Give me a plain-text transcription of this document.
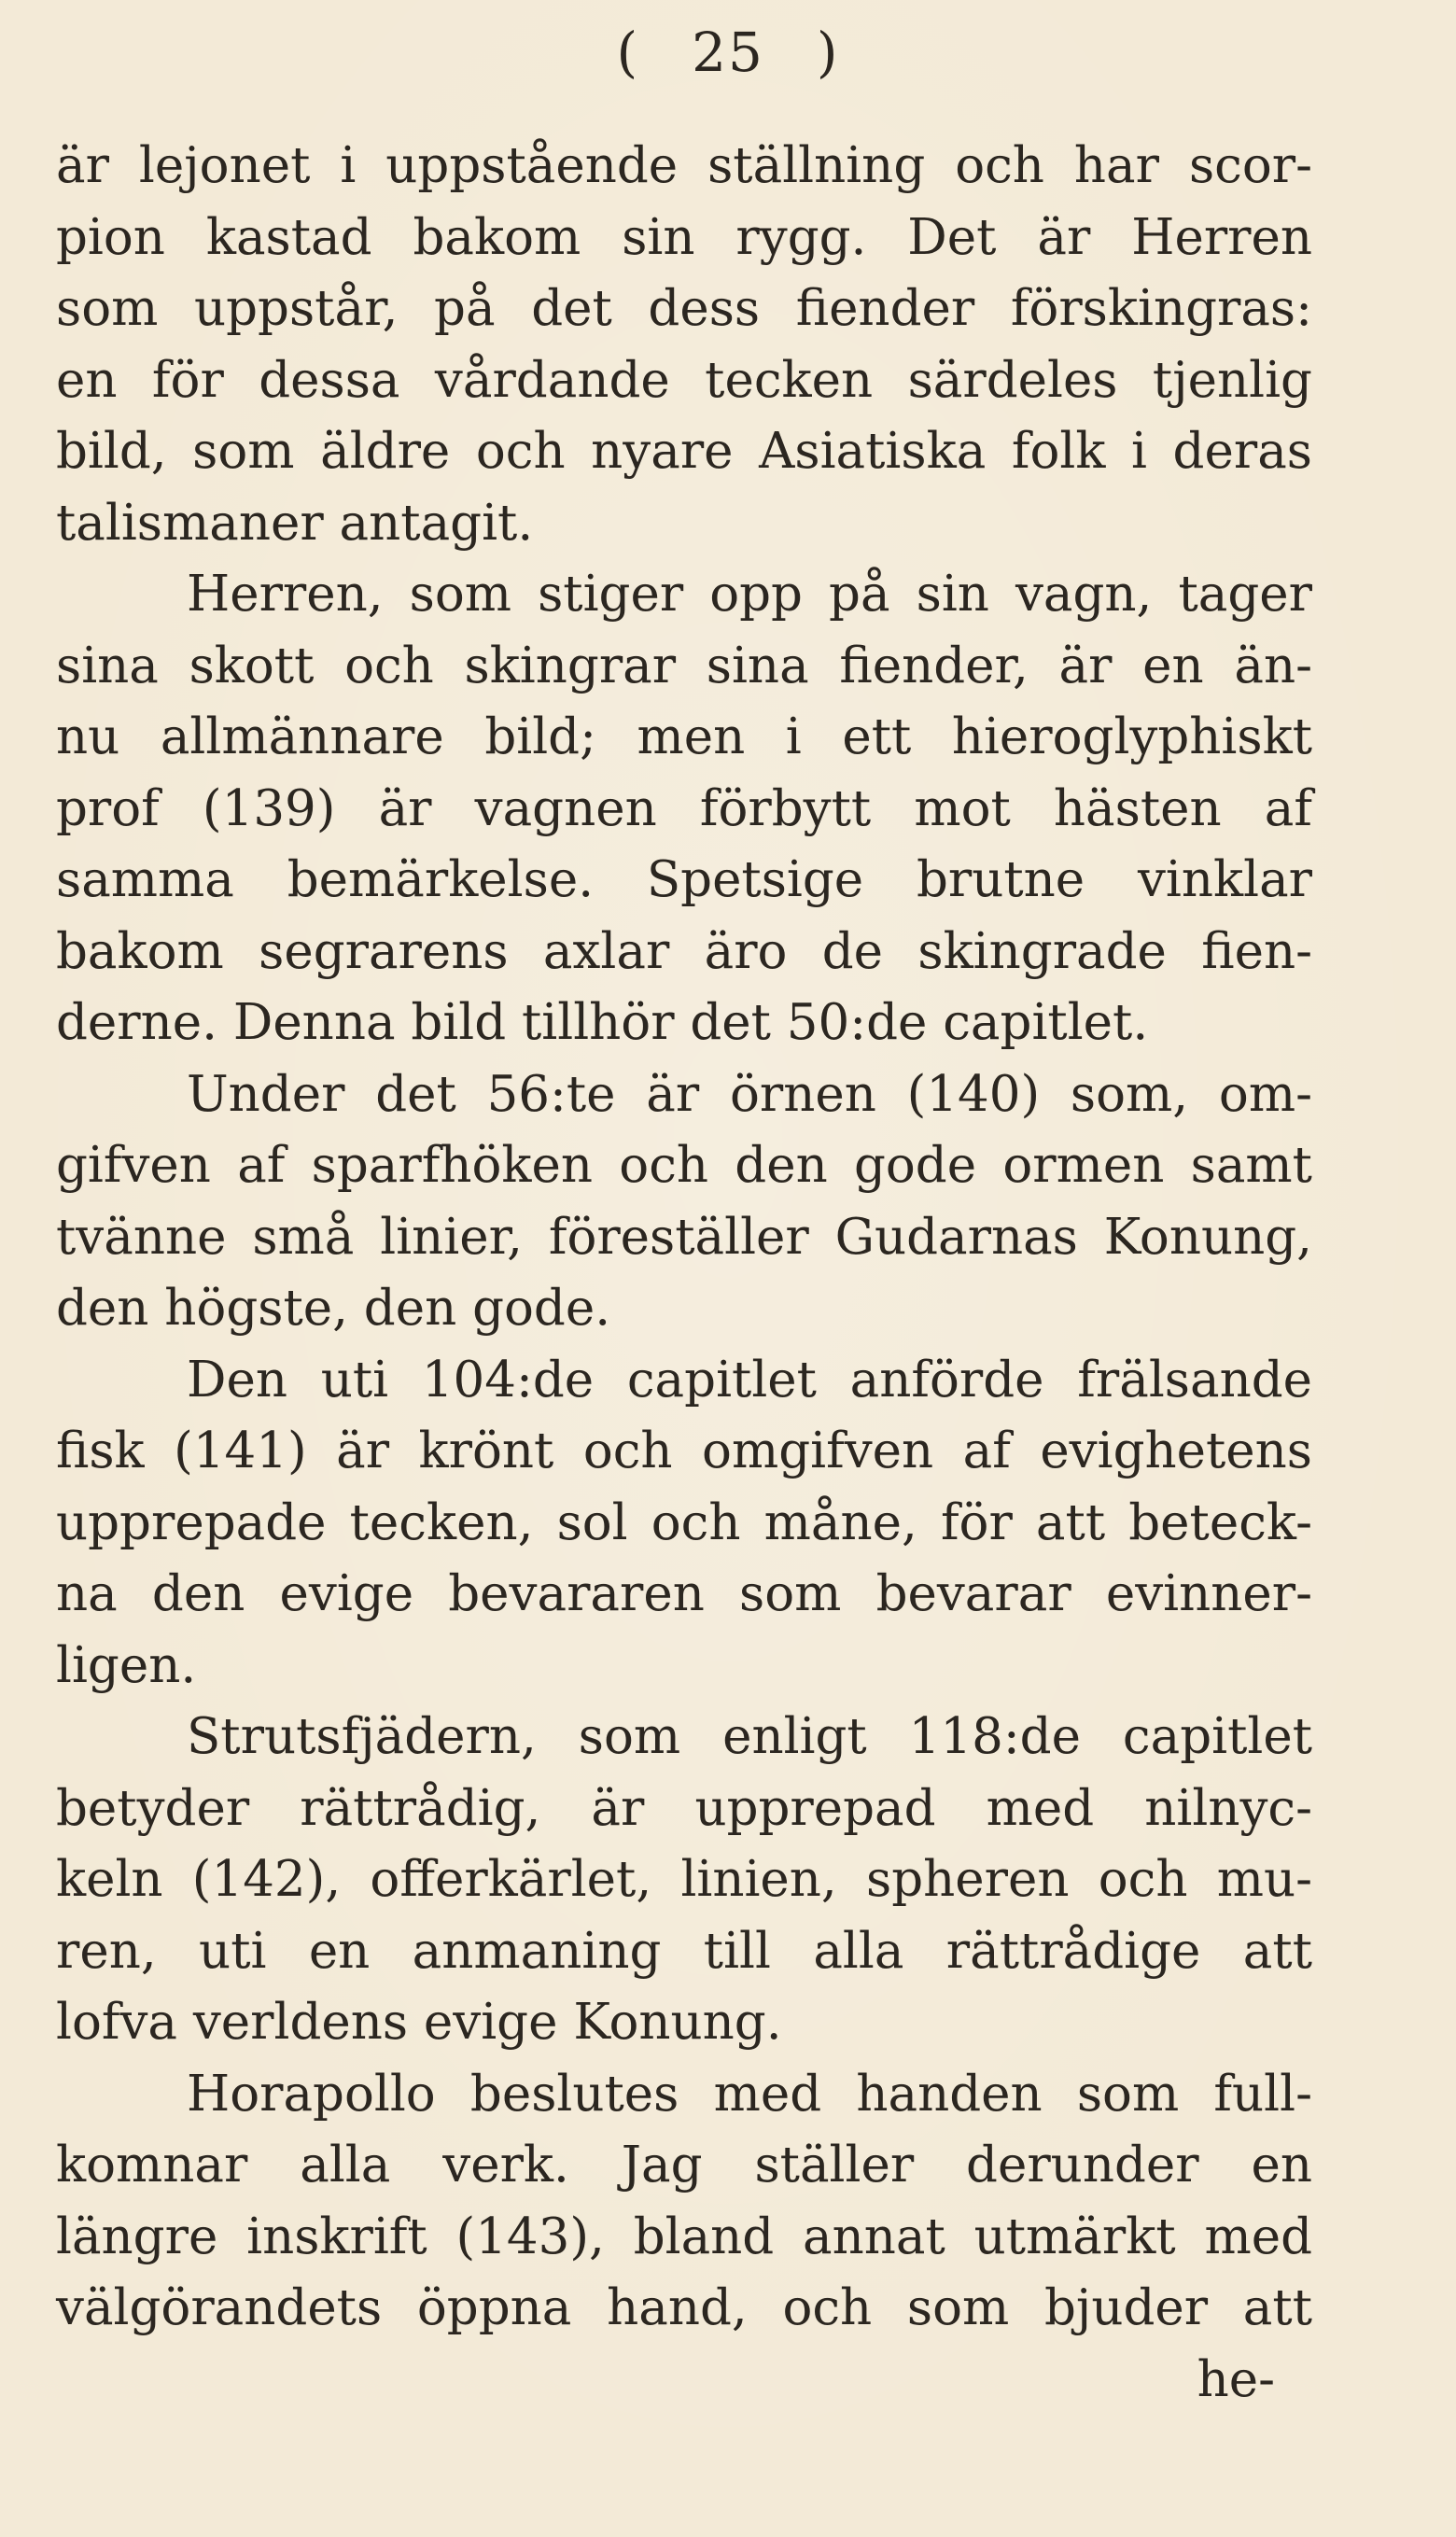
( 25 )
är lejonet i uppstående ställning och har scor-
pion kastad bakom sin rygg. Det är Herren
som uppstår, på det dess fiender förskingras:
en för dessa vårdande tecken särdeles tjenlig
bild, som äldre och nyare Asiatiska folk i deras
talismaner antagit.
Herren, som stiger opp på sin vagn, tager
sina skott och skingrar sina fiender, är en än-
nu allmännare bild; men i ett hieroglyphiskt
prof (139) är vagnen förbytt mot hästen af
samma bemärkelse. Spetsige brutne vinklar
bakom segrarens axlar äro de skingrade fien-
derne. Denna bild tillhör det 50:de capitlet.
Under det 56:te är örnen (140) som, om-
gifven af sparfhöken och den gode ormen samt
tvänne små linier, föreställer Gudarnas Konung,
den högste, den gode.
Den uti 104:de capitlet anförde frälsande
fisk (141) är krönt och omgifven af evighetens
upprepade tecken, sol och måne, för att beteck-
na den evige bevararen som bevarar evinner-
ligen.
Strutsfjädern, som enligt 118:de capitlet
betyder rättrådig, är upprepad med nilnyc-
keln (142), offerkärlet, linien, spheren och mu-
ren, uti en anmaning till alla rättrådige att
lofva verldens evige Konung.
Horapollo beslutes med handen som full-
komnar alla verk. Jag ställer derunder en
längre inskrift (143), bland annat utmärkt med
välgörandets öppna hand, och som bjuder att
he-
